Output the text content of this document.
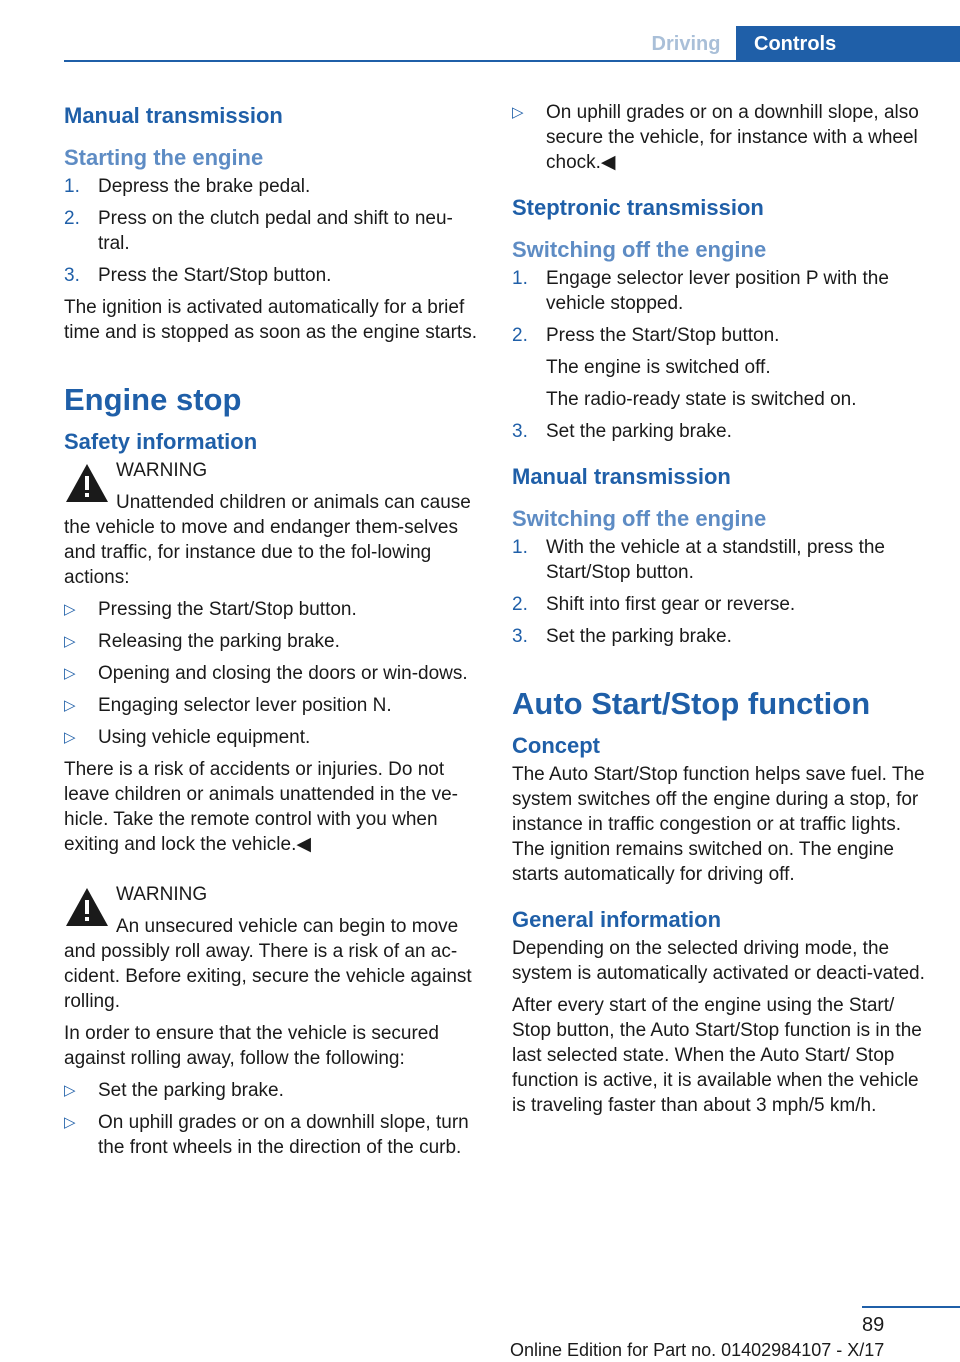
Driving	Controls
Manual transmission
Starting the engine
1. Depress the brake pedal.
2. Press on the clutch pedal and shift to neu-tral.
3. Press the Start/Stop button.

The ignition is activated automatically for a brief time and is stopped as soon as the engine starts.

Engine stop
Safety information
WARNING
Unattended children or animals can cause the vehicle to move and endanger them-selves and traffic, for instance due to the fol-lowing actions:
▷ Pressing the Start/Stop button.
▷ Releasing the parking brake.
▷ Opening and closing the doors or win-dows.
▷ Engaging selector lever position N.
▷ Using vehicle equipment.

There is a risk of accidents or injuries. Do not leave children or animals unattended in the ve-hicle. Take the remote control with you when exiting and lock the vehicle.◀

WARNING
An unsecured vehicle can begin to move and possibly roll away. There is a risk of an ac-cident. Before exiting, secure the vehicle against rolling.

In order to ensure that the vehicle is secured against rolling away, follow the following:

▷ Set the parking brake.
▷ On uphill grades or on a downhill slope, turn the front wheels in the direction of the curb.
▷ On uphill grades or on a downhill slope, also secure the vehicle, for instance with a wheel chock.◀
Steptronic transmission
Switching off the engine
1. Engage selector lever position P with the vehicle stopped.
2. Press the Start/Stop button.
The engine is switched off.
The radio-ready state is switched on.
3. Set the parking brake.
Manual transmission
Switching off the engine
1. With the vehicle at a standstill, press the Start/Stop button.
2. Shift into first gear or reverse.
3. Set the parking brake.
Auto Start/Stop function
Concept

The Auto Start/Stop function helps save fuel. The system switches off the engine during a stop, for instance in traffic congestion or at traffic lights. The ignition remains switched on. The engine starts automatically for driving off.

General information

Depending on the selected driving mode, the system is automatically activated or deacti-vated.

After every start of the engine using the Start/ Stop button, the Auto Start/Stop function is in the last selected state. When the Auto Start/ Stop function is active, it is available when the vehicle is traveling faster than about 3 mph/5 km/h.

89
Online Edition for Part no. 01402984107 - X/17
